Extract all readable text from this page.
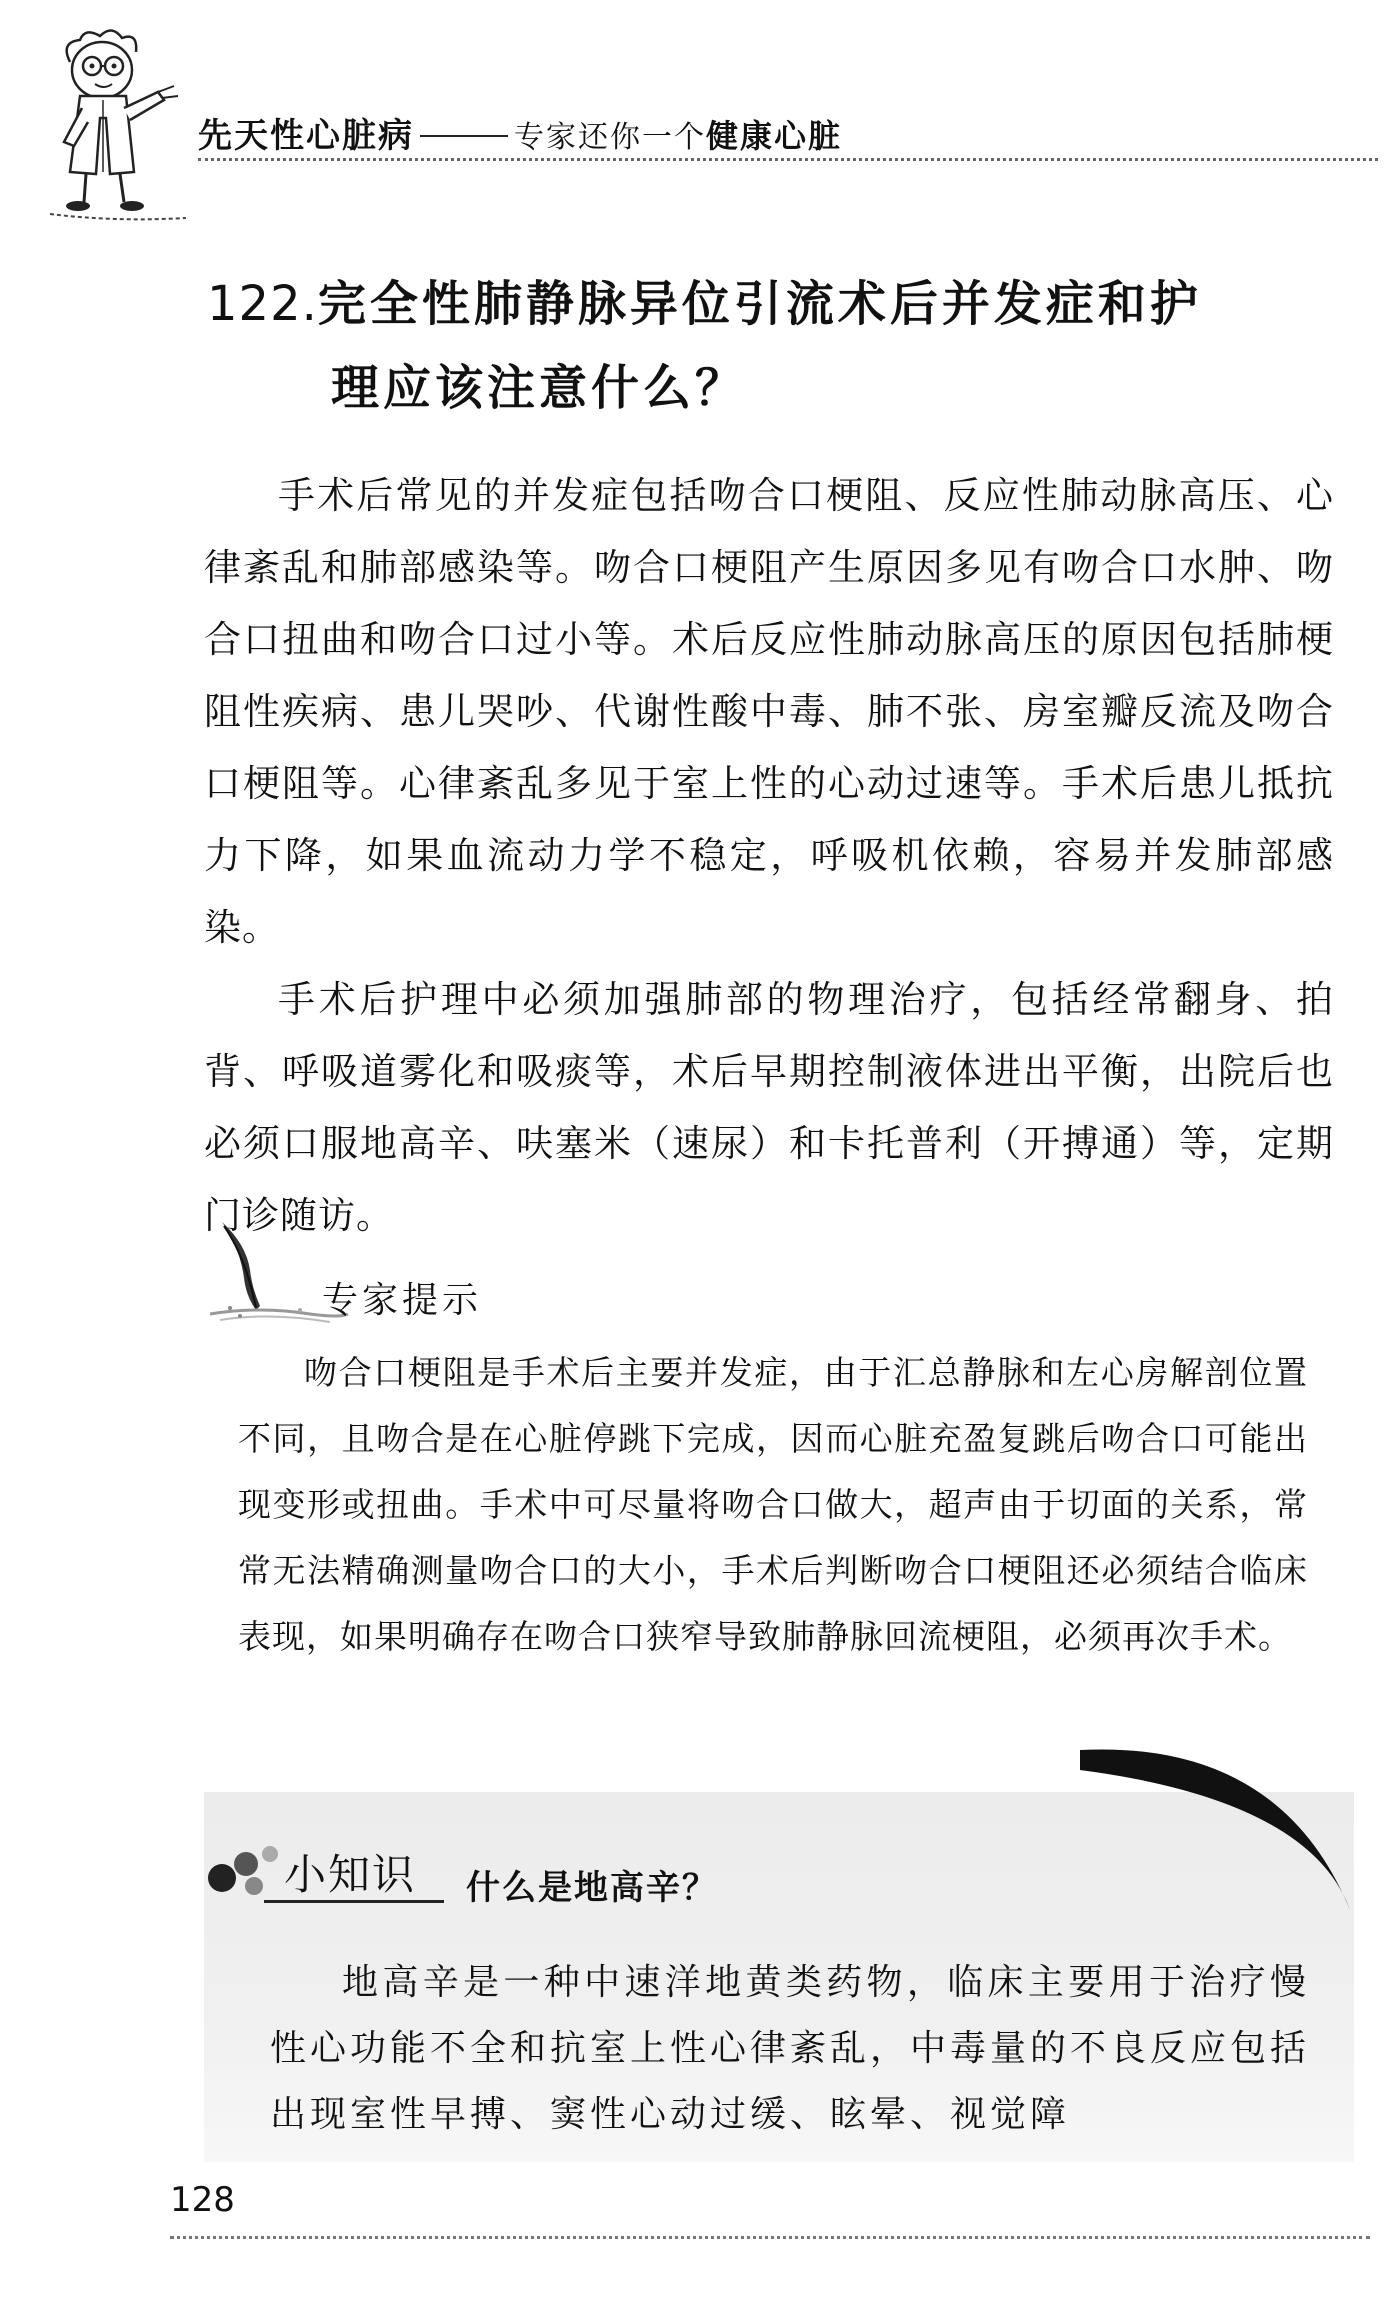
先天性心脏病	专家还你一个 健康心脏
122.完全性肺静脉异位引流术后并发症和护
理应该注意什么？

手术后常见的并发症包括吻合口梗阻、反应性肺动脉高压、心律紊乱和肺部感染等。吻合口梗阻产生原因多见有吻合口水肿、吻合口扭曲和吻合口过小等。术后反应性肺动脉高压的原因包括肺梗阻性疾病、患儿哭吵、代谢性酸中毒、肺不张、房室瓣反流及吻合口梗阻等。心律紊乱多见于室上性的心动过速等。手术后患儿抵抗力下降，如果血流动力学不稳定，呼吸机依赖，容易并发肺部感染。

手术后护理中必须加强肺部的物理治疗，包括经常翻身、拍背、呼吸道雾化和吸痰等，术后早期控制液体进出平衡，出院后也必须口服地高辛、呋塞米（速尿）和卡托普利（开搏通）等，定期门诊随访。

专家提示

吻合口梗阻是手术后主要并发症，由于汇总静脉和左心房解剖位置不同，且吻合是在心脏停跳下完成，因而心脏充盈复跳后吻合口可能出现变形或扭曲。手术中可尽量将吻合口做大，超声由于切面的关系，常常无法精确测量吻合口的大小，手术后判断吻合口梗阻还必须结合临床表现，如果明确存在吻合口狭窄导致肺静脉回流梗阻，必须再次手术。

小知识 什么是地高辛？

地高辛是一种中速洋地黄类药物，临床主要用于治疗慢性心功能不全和抗室上性心律紊乱，中毒量的不良反应包括出现室性早搏、窦性心动过缓、眩晕、视觉障

128
